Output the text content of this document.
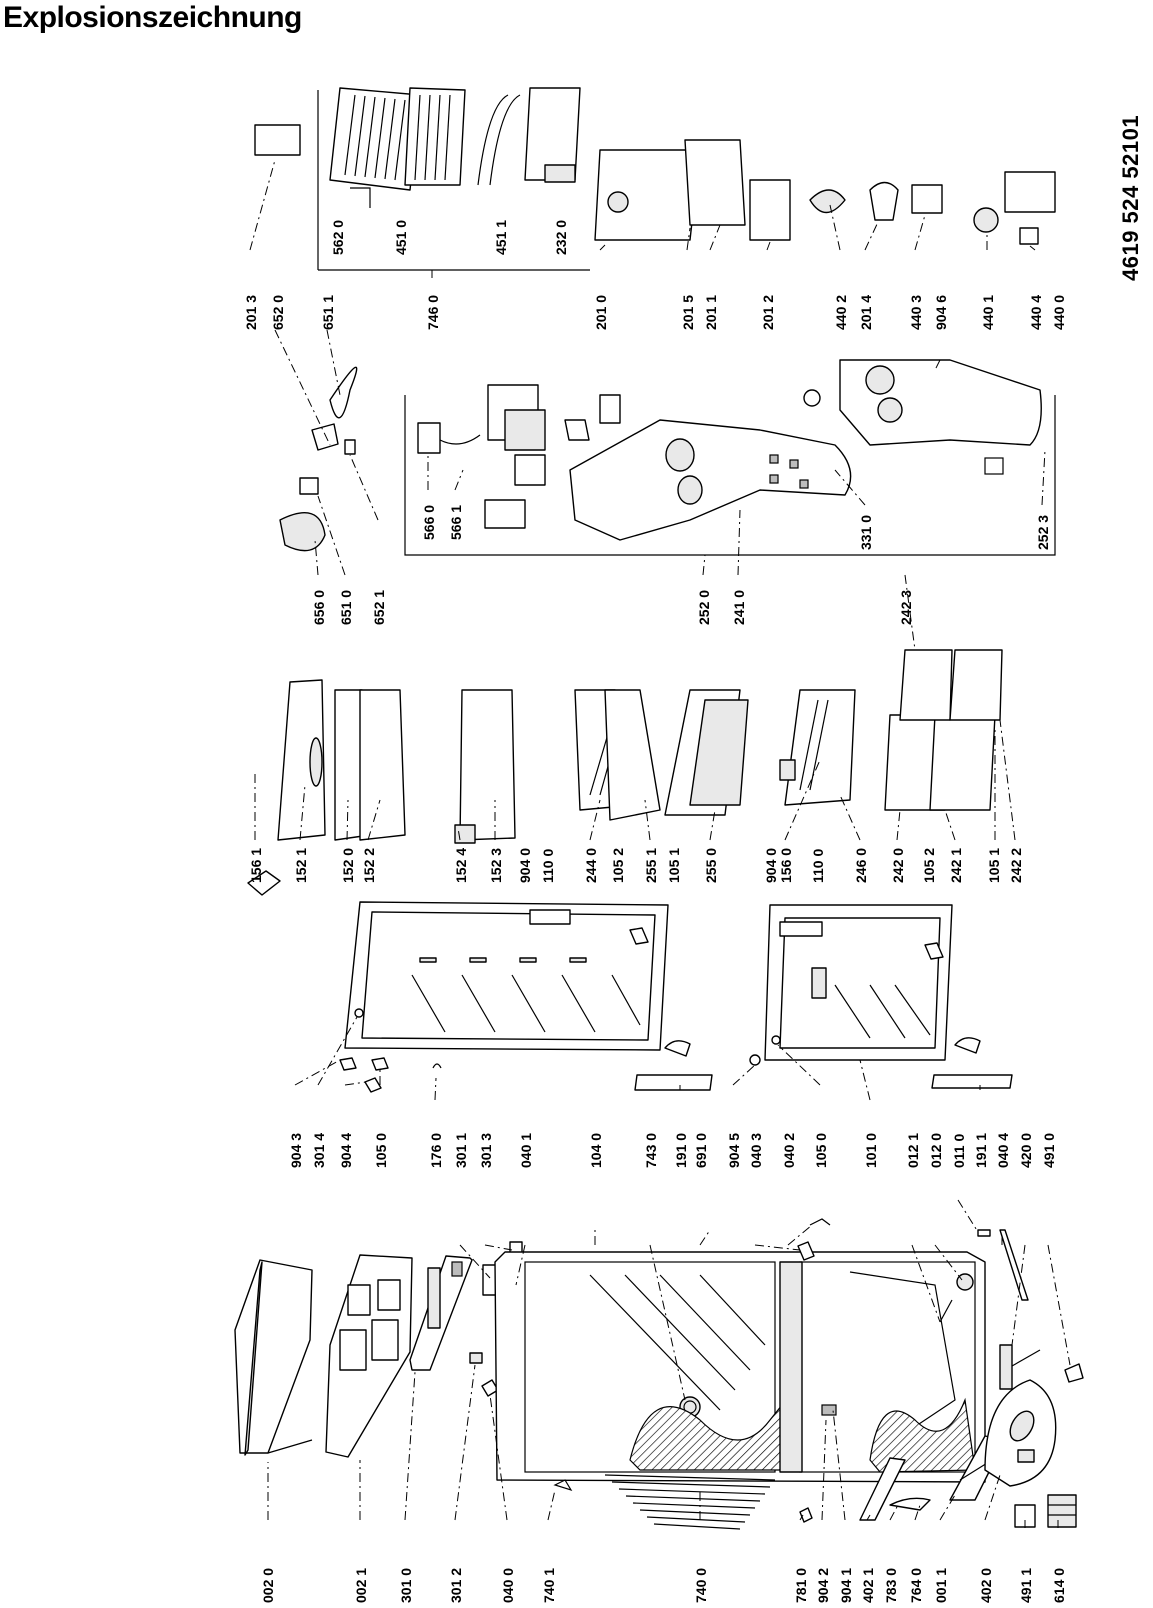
Explosionszeichnung
4619 524 52101
002 0	002 1 301 0 301 2	040 0 740 1	740 0	781 0 904 2 904 1 402 1 783 0 764 0 001 1 402 0 491 1 614 0
904 3 301 4 904 4 105 0	176 0 301 1 301 3 040 1	104 0	743 0 191 0 691 0 904 5 040 3 040 2 105 0 101 0 012 1 012 0 011 0 191 1 040 4 420 0 491 0
156 1 152 1 152 0 152 2	152 4 152 3 904 0 110 0 244 0 105 2 255 1 105 1 255 0	156 0
904 0 110 0 246 0 242 0 105 2 242 1 105 1 242 2
656 0 651 0 652 1	252 0 241 0	242 3
566 0 566 1	331 0	252 3
201 3 652 0 651 1	746 0
562 0	451 0	451 1	232 0
201 0	201 5 201 1	201 2	440 2 201 4 440 3 904 6 440 1 440 4 440 0
